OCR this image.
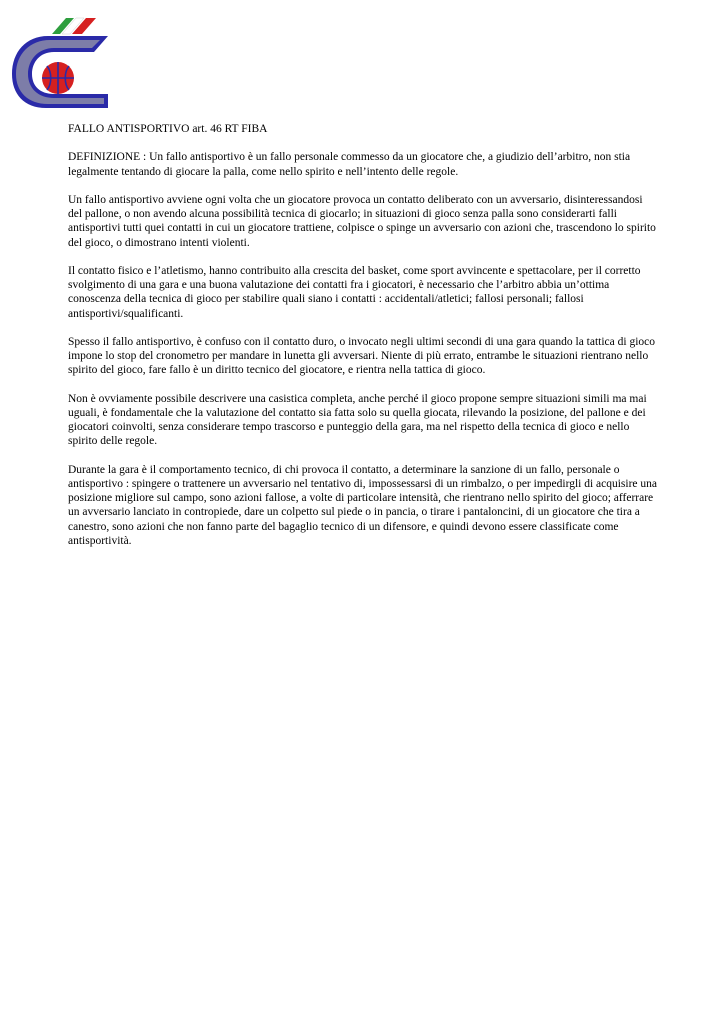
FALLO ANTISPORTIVO art. 46 RT FIBA

DEFINIZIONE : Un fallo antisportivo è un fallo personale commesso da un giocatore che, a giudizio dell’arbitro, non stia legalmente tentando di giocare la palla, come nello spirito e nell’intento delle regole.

Un fallo antisportivo avviene ogni volta che un giocatore provoca un contatto deliberato con un avversario, disinteressandosi del pallone, o non avendo alcuna possibilità tecnica di giocarlo; in situazioni di gioco senza palla sono considerarti falli antisportivi tutti quei contatti in cui un giocatore trattiene, colpisce o spinge un avversario con azioni che, trascendono lo spirito del gioco, o dimostrano intenti violenti.

Il contatto fisico e l’atletismo, hanno contribuito alla crescita del basket, come sport avvincente e spettacolare, per il corretto svolgimento di una gara e una buona valutazione dei contatti fra i giocatori, è necessario che l’arbitro abbia un’ottima conoscenza della tecnica di gioco per stabilire quali siano i contatti : accidentali/atletici; fallosi personali; fallosi antisportivi/squalificanti.

Spesso il fallo antisportivo, è confuso con il contatto duro, o invocato negli ultimi secondi di una gara quando la tattica di gioco impone lo stop del cronometro per mandare in lunetta gli avversari. Niente di più errato, entrambe le situazioni rientrano nello spirito del gioco, fare fallo è un diritto tecnico del giocatore, e rientra nella tattica di gioco.

Non è ovviamente possibile descrivere una casistica completa, anche perché il gioco propone sempre situazioni simili ma mai uguali, è fondamentale che la valutazione del contatto sia fatta solo su quella giocata, rilevando la posizione, del pallone e dei giocatori coinvolti, senza considerare tempo trascorso e punteggio della gara, ma nel rispetto della tecnica di gioco e nello spirito delle regole.

Durante la gara è il comportamento tecnico, di chi provoca il contatto, a determinare la sanzione di un fallo, personale o antisportivo : spingere o trattenere un avversario nel tentativo di, impossessarsi di un rimbalzo, o per impedirgli di acquisire una posizione migliore sul campo, sono azioni fallose, a volte di particolare intensità, che rientrano nello spirito del gioco; afferrare un avversario lanciato in contropiede, dare un colpetto sul piede o in pancia, o tirare i pantaloncini, di un giocatore che tira a canestro, sono azioni che non fanno parte del bagaglio tecnico di un difensore, e quindi devono essere classificate come antisportività.
